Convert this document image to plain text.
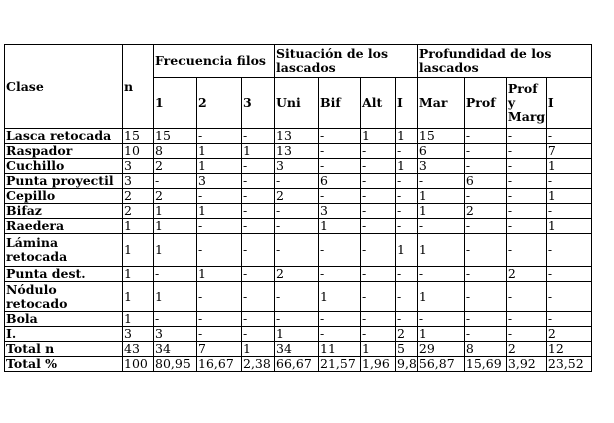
Clase	n	Frecuencia filos			Situación de los lascados				Profundidad de los lascados			
		1	2	3	Uni	Bif	Alt	I	Mar	Prof	Prof y Marg	I
Lasca retocada	15	15	-	-	13	-	1	1	15	-	-	-
Raspador	10	8	1	1	13	-	-	-	6	-	-	7
Cuchillo	3	2	1	-	3	-	-	1	3	-	-	1
Punta proyectil	3	-	3	-	-	6	-	-	-	6	-	-
Cepillo	2	2	-	-	2	-	-	-	1	-	-	1
Bifaz	2	1	1	-	-	3	-	-	1	2	-	-
Raedera	1	1	-	-	-	1	-	-	-	-	-	1
Lámina retocada	1	1	-	-	-	-	-	1	1	-	-	-
Punta dest.	1	-	1	-	2	-	-	-	-	-	2	-
Nódulo retocado	1	1	-	-	-	1	-	-	1	-	-	-
Bola	1	-	-	-	-	-	-	-	-	-	-	-
I.	3	3	-	-	1	-	-	2	1	-	-	2
Total n	43	34	7	1	34	11	1	5	29	8	2	12
Total %	100	80,95	16,67	2,38	66,67	21,57	1,96	9,8	56,87	15,69	3,92	23,52
